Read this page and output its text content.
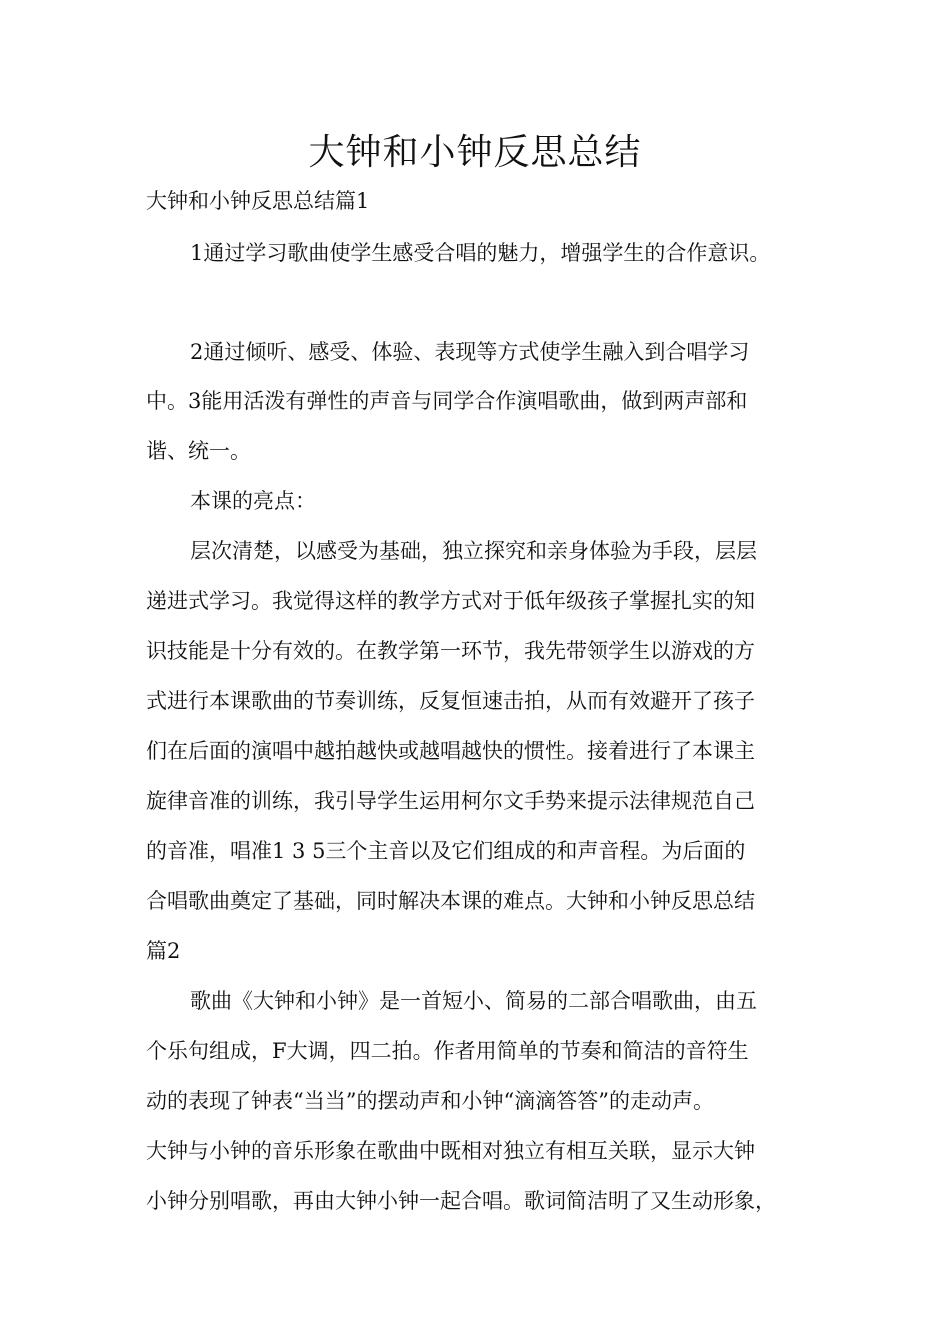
大钟和小钟反思总结

大钟和小钟反思总结篇1

1通过学习歌曲使学生感受合唱的魅力，增强学生的合作意识。

2通过倾听、感受、体验、表现等方式使学生融入到合唱学习

中。3能用活泼有弹性的声音与同学合作演唱歌曲，做到两声部和

谐、统一。

本课的亮点：

层次清楚，以感受为基础，独立探究和亲身体验为手段，层层

递进式学习。我觉得这样的教学方式对于低年级孩子掌握扎实的知

识技能是十分有效的。在教学第一环节，我先带领学生以游戏的方

式进行本课歌曲的节奏训练，反复恒速击拍，从而有效避开了孩子

们在后面的演唱中越拍越快或越唱越快的惯性。接着进行了本课主

旋律音准的训练，我引导学生运用柯尔文手势来提示法律规范自己

的音准，唱准1 3 5三个主音以及它们组成的和声音程。为后面的

合唱歌曲奠定了基础，同时解决本课的难点。大钟和小钟反思总结

篇2

歌曲《大钟和小钟》是一首短小、简易的二部合唱歌曲，由五

个乐句组成，F大调，四二拍。作者用简单的节奏和简洁的音符生

动的表现了钟表“当当”的摆动声和小钟“滴滴答答”的走动声。

大钟与小钟的音乐形象在歌曲中既相对独立有相互关联，显示大钟

小钟分别唱歌，再由大钟小钟一起合唱。歌词简洁明了又生动形象，
